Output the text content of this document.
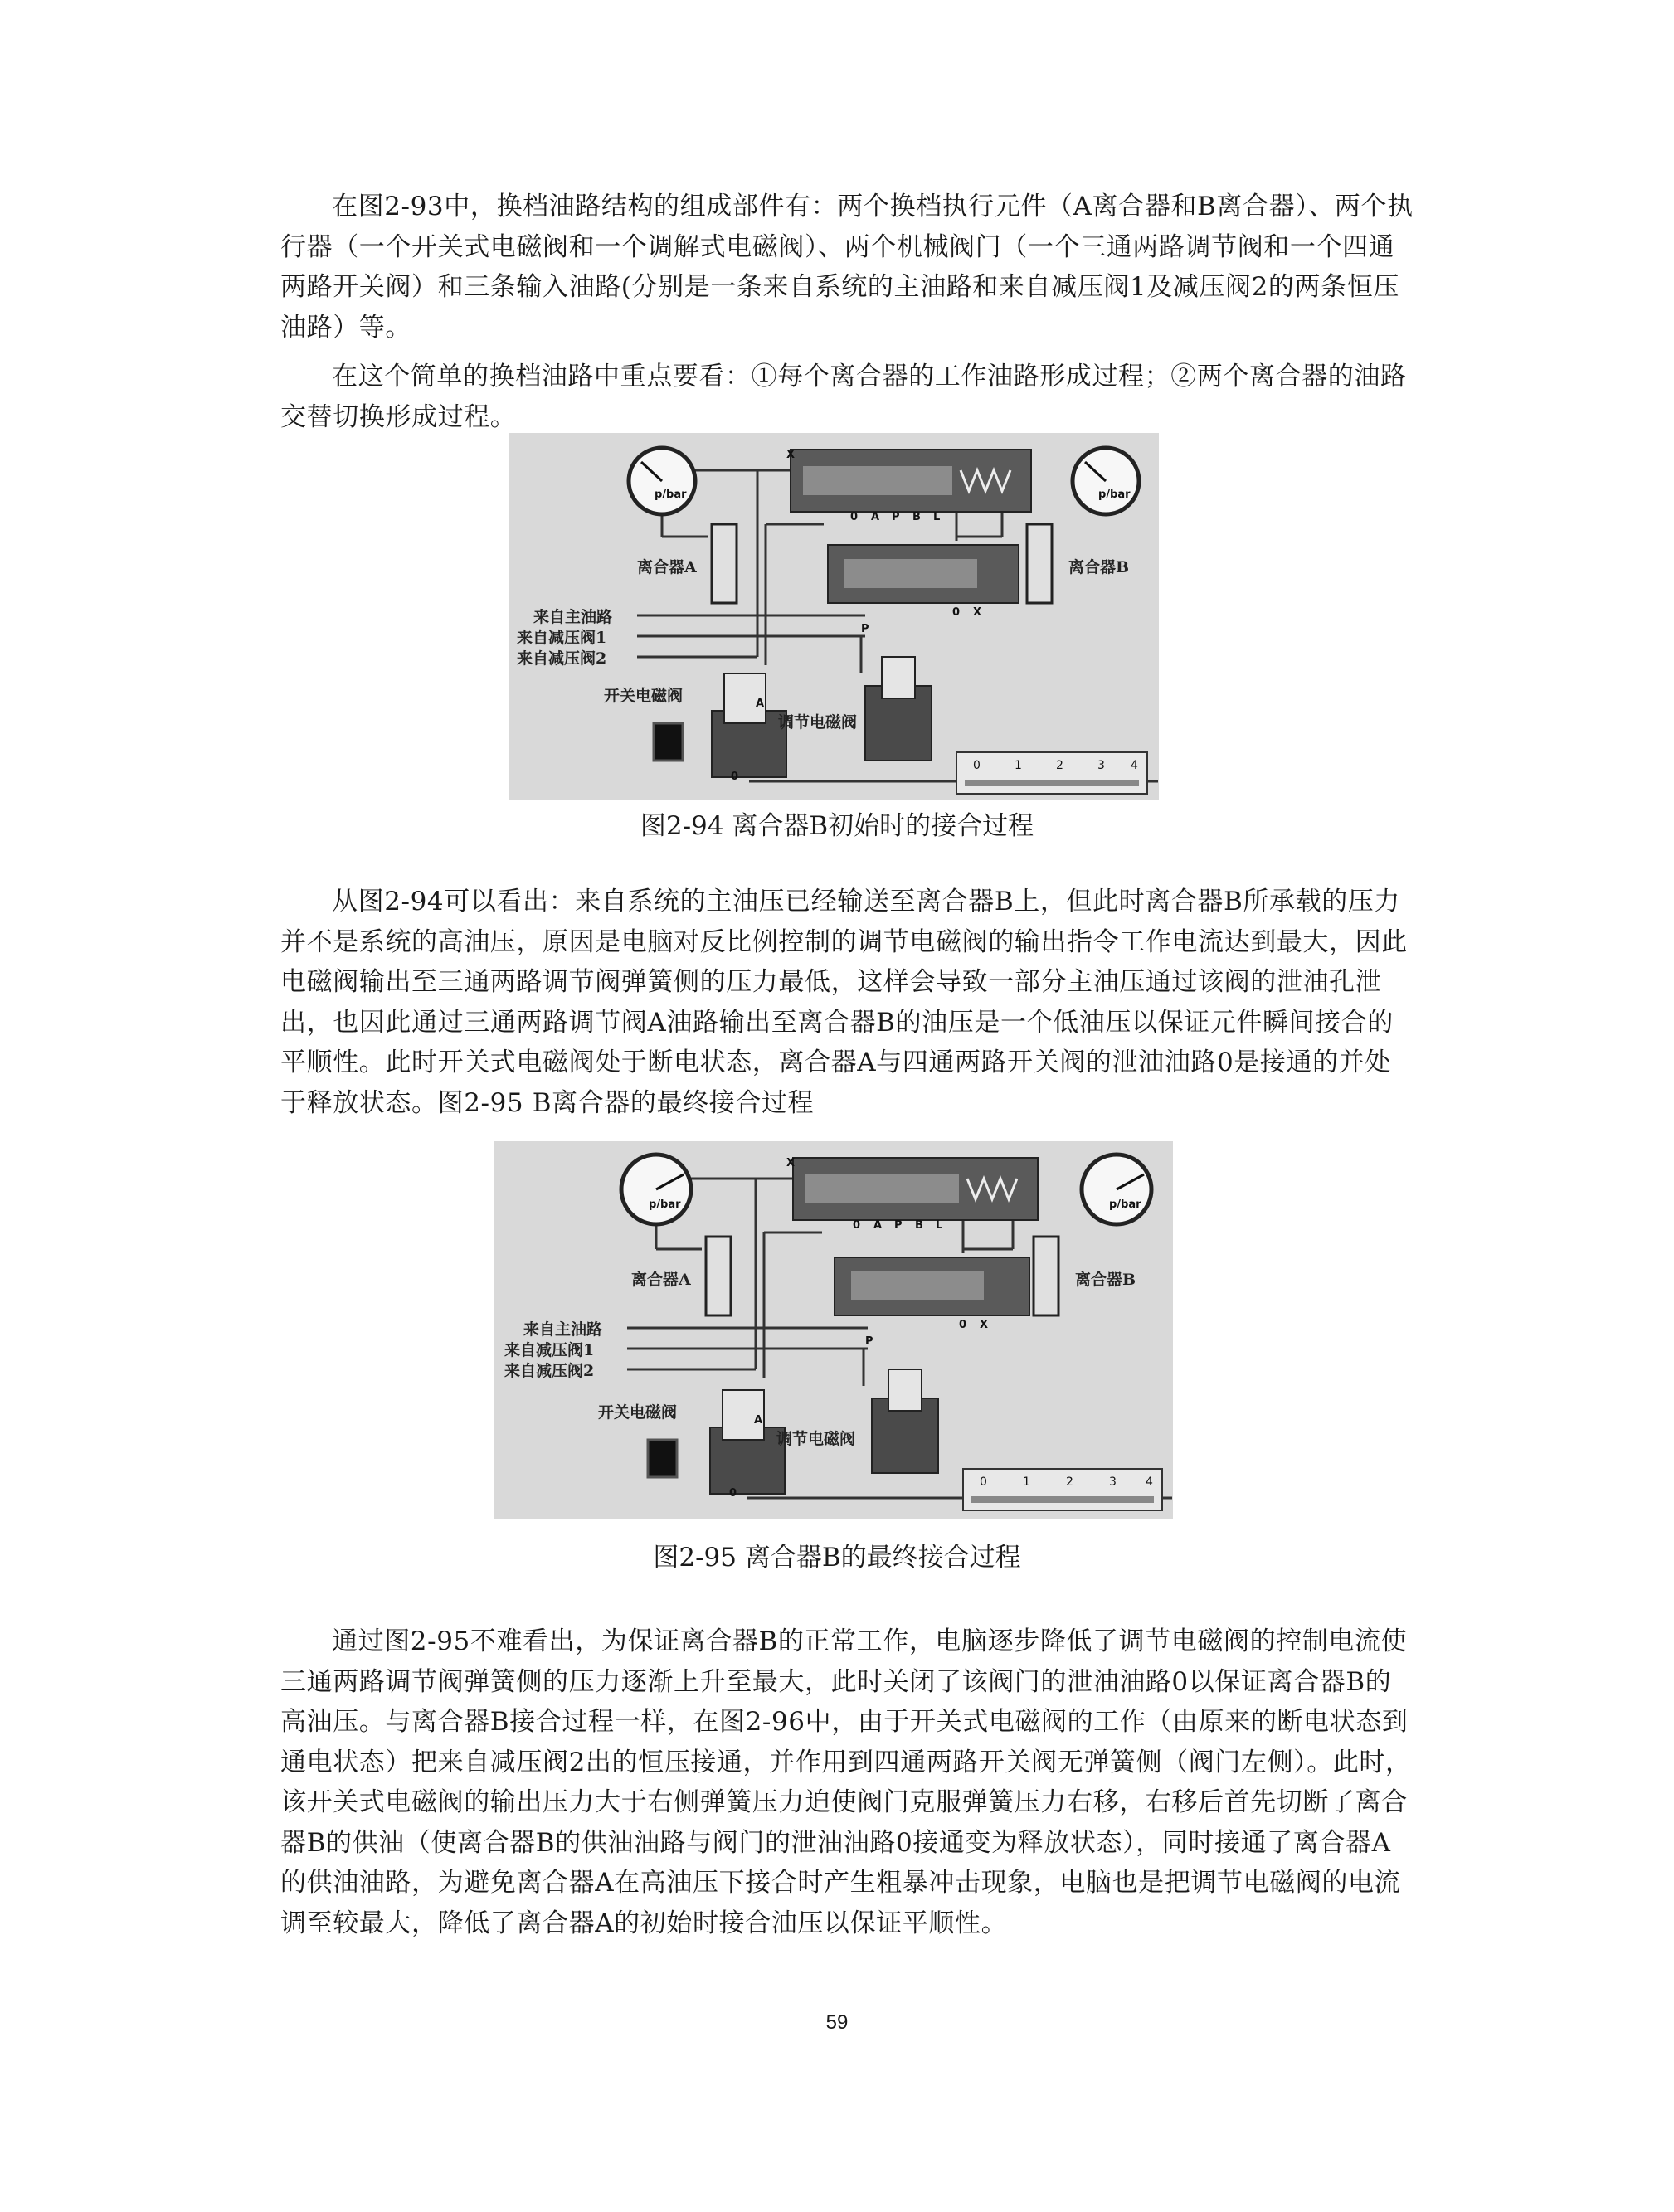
在图2-93中，换档油路结构的组成部件有：两个换档执行元件（A离合器和B离合器）、两个执行器（一个开关式电磁阀和一个调解式电磁阀）、两个机械阀门（一个三通两路调节阀和一个四通两路开关阀）和三条输入油路(分别是一条来自系统的主油路和来自减压阀1及减压阀2的两条恒压油路）等。

在这个简单的换档油路中重点要看：①每个离合器的工作油路形成过程；②两个离合器的油路交替切换形成过程。

p/bar	p/bar
0	1	2	3 4
离合器A	离合器B
来自主油路
来自减压阀1
来自减压阀2
开关电磁阀
调节电磁阀
X
0 A P B L
P
0 X
A
0

图2-94 离合器B初始时的接合过程

从图2-94可以看出：来自系统的主油压已经输送至离合器B上，但此时离合器B所承载的压力并不是系统的高油压，原因是电脑对反比例控制的调节电磁阀的输出指令工作电流达到最大，因此电磁阀输出至三通两路调节阀弹簧侧的压力最低，这样会导致一部分主油压通过该阀的泄油孔泄出，也因此通过三通两路调节阀A油路输出至离合器B的油压是一个低油压以保证元件瞬间接合的平顺性。此时开关式电磁阀处于断电状态，离合器A与四通两路开关阀的泄油油路0是接通的并处于释放状态。图2-95 B离合器的最终接合过程

p/bar	p/bar
0	1	2	3	4
离合器A	离合器B
来自主油路
来自减压阀1
来自减压阀2
开关电磁阀
调节电磁阀
X
0 A P B L
P
0 X
A
0

图2-95 离合器B的最终接合过程

通过图2-95不难看出，为保证离合器B的正常工作，电脑逐步降低了调节电磁阀的控制电流使三通两路调节阀弹簧侧的压力逐渐上升至最大，此时关闭了该阀门的泄油油路0以保证离合器B的高油压。与离合器B接合过程一样，在图2-96中，由于开关式电磁阀的工作（由原来的断电状态到通电状态）把来自减压阀2出的恒压接通，并作用到四通两路开关阀无弹簧侧（阀门左侧）。此时，该开关式电磁阀的输出压力大于右侧弹簧压力迫使阀门克服弹簧压力右移，右移后首先切断了离合器B的供油（使离合器B的供油油路与阀门的泄油油路0接通变为释放状态），同时接通了离合器A的供油油路，为避免离合器A在高油压下接合时产生粗暴冲击现象，电脑也是把调节电磁阀的电流调至较最大，降低了离合器A的初始时接合油压以保证平顺性。

59
